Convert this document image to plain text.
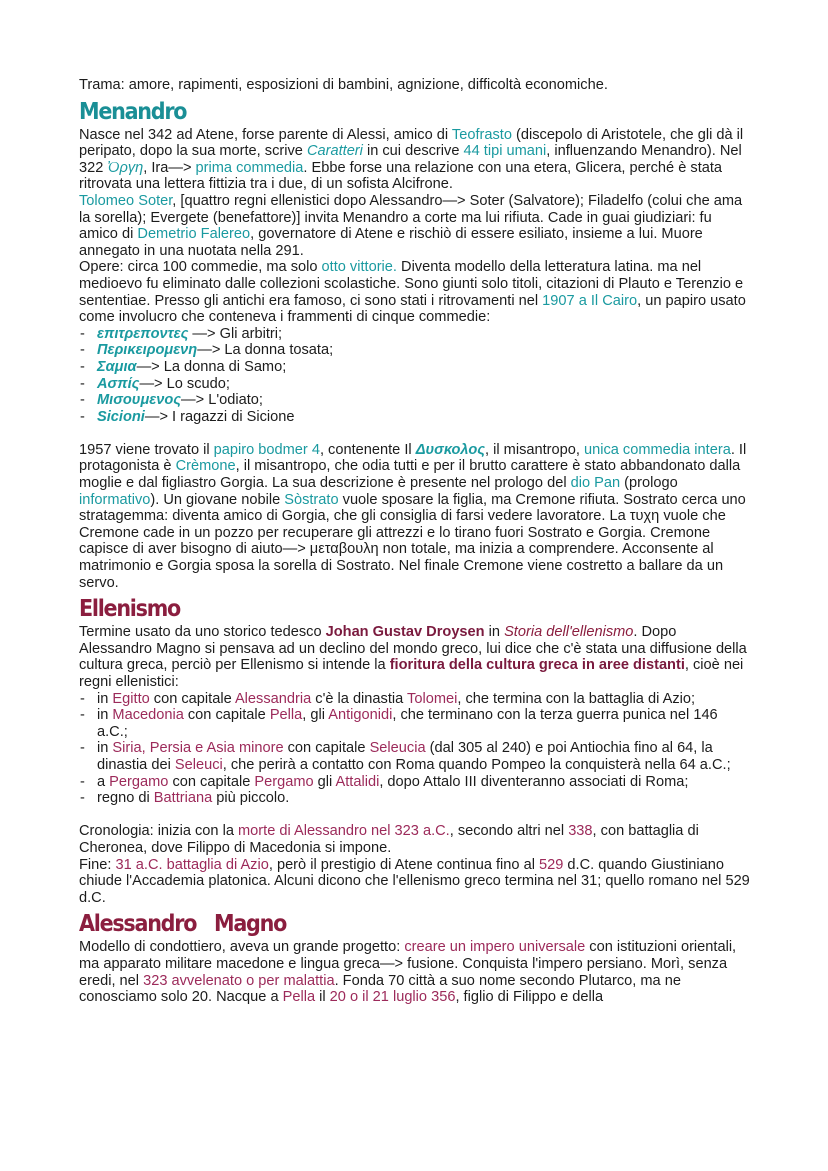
Trama: amore, rapimenti, esposizioni di bambini, agnizione, difficoltà economiche.

Menandro

Nasce nel 342 ad Atene, forse parente di Alessi, amico di Teofrasto (discepolo di Aristotele, che gli dà il peripato, dopo la sua morte, scrive Caratteri in cui descrive 44 tipi umani, influenzando Menandro). Nel 322 Ὀργη, Ira—> prima commedia. Ebbe forse una relazione con una etera, Glicera, perché è stata ritrovata una lettera fittizia tra i due, di un sofista Alcifrone.

Tolomeo Soter, [quattro regni ellenistici dopo Alessandro—> Soter (Salvatore); Filadelfo (colui che ama la sorella); Evergete (benefattore)] invita Menandro a corte ma lui rifiuta. Cade in guai giudiziari: fu amico di Demetrio Falereo, governatore di Atene e rischiò di essere esiliato, insieme a lui. Muore annegato in una nuotata nella 291.

Opere: circa 100 commedie, ma solo otto vittorie. Diventa modello della letteratura latina. ma nel medioevo fu eliminato dalle collezioni scolastiche. Sono giunti solo titoli, citazioni di Plauto e Terenzio e sententiae. Presso gli antichi era famoso, ci sono stati i ritrovamenti nel 1907 a Il Cairo, un papiro usato come involucro che conteneva i frammenti di cinque commedie:

- επιτρεποντες —> Gli arbitri;
- Περικειρομενη—> La donna tosata;
- Σαμια—> La donna di Samo;
- Ασπίς—> Lo scudo;
- Μισουμενος—> L'odiato;
- Sicioni—> I ragazzi di Sicione

1957 viene trovato il papiro bodmer 4, contenente Il Δυσκολος, il misantropo, unica commedia intera. Il protagonista è Crèmone, il misantropo, che odia tutti e per il brutto carattere è stato abbandonato dalla moglie e dal figliastro Gorgia. La sua descrizione è presente nel prologo del dio Pan (prologo informativo). Un giovane nobile Sòstrato vuole sposare la figlia, ma Cremone rifiuta. Sostrato cerca uno stratagemma: diventa amico di Gorgia, che gli consiglia di farsi vedere lavoratore. La τυχη vuole che Cremone cade in un pozzo per recuperare gli attrezzi e lo tirano fuori Sostrato e Gorgia. Cremone capisce di aver bisogno di aiuto—> μεταβουλη non totale, ma inizia a comprendere. Acconsente al matrimonio e Gorgia sposa la sorella di Sostrato. Nel finale Cremone viene costretto a ballare da un servo.

Ellenismo

Termine usato da uno storico tedesco Johan Gustav Droysen in Storia dell'ellenismo. Dopo Alessandro Magno si pensava ad un declino del mondo greco, lui dice che c'è stata una diffusione della cultura greca, perciò per Ellenismo si intende la fioritura della cultura greca in aree distanti, cioè nei regni ellenistici:

- in Egitto con capitale Alessandria c'è la dinastia Tolomei, che termina con la battaglia di Azio;
- in Macedonia con capitale Pella, gli Antigonidi, che terminano con la terza guerra punica nel 146 a.C.;
- in Siria, Persia e Asia minore con capitale Seleucia (dal 305 al 240) e poi Antiochia fino al 64, la dinastia dei Seleuci, che perirà a contatto con Roma quando Pompeo la conquisterà nella 64 a.C.;
- a Pergamo con capitale Pergamo gli Attalidi, dopo Attalo III diventeranno associati di Roma;
- regno di Battriana più piccolo.

Cronologia: inizia con la morte di Alessandro nel 323 a.C., secondo altri nel 338, con battaglia di Cheronea, dove Filippo di Macedonia si impone.

Fine: 31 a.C. battaglia di Azio, però il prestigio di Atene continua fino al 529 d.C. quando Giustiniano chiude l'Accademia platonica. Alcuni dicono che l'ellenismo greco termina nel 31; quello romano nel 529 d.C.

Alessandro   Magno

Modello di condottiero, aveva un grande progetto: creare un impero universale con istituzioni orientali, ma apparato militare macedone e lingua greca—> fusione. Conquista l'impero persiano. Morì, senza eredi, nel 323 avvelenato o per malattia. Fonda 70 città a suo nome secondo Plutarco, ma ne conosciamo solo 20. Nacque a Pella il 20 o il 21 luglio 356, figlio di Filippo e della
